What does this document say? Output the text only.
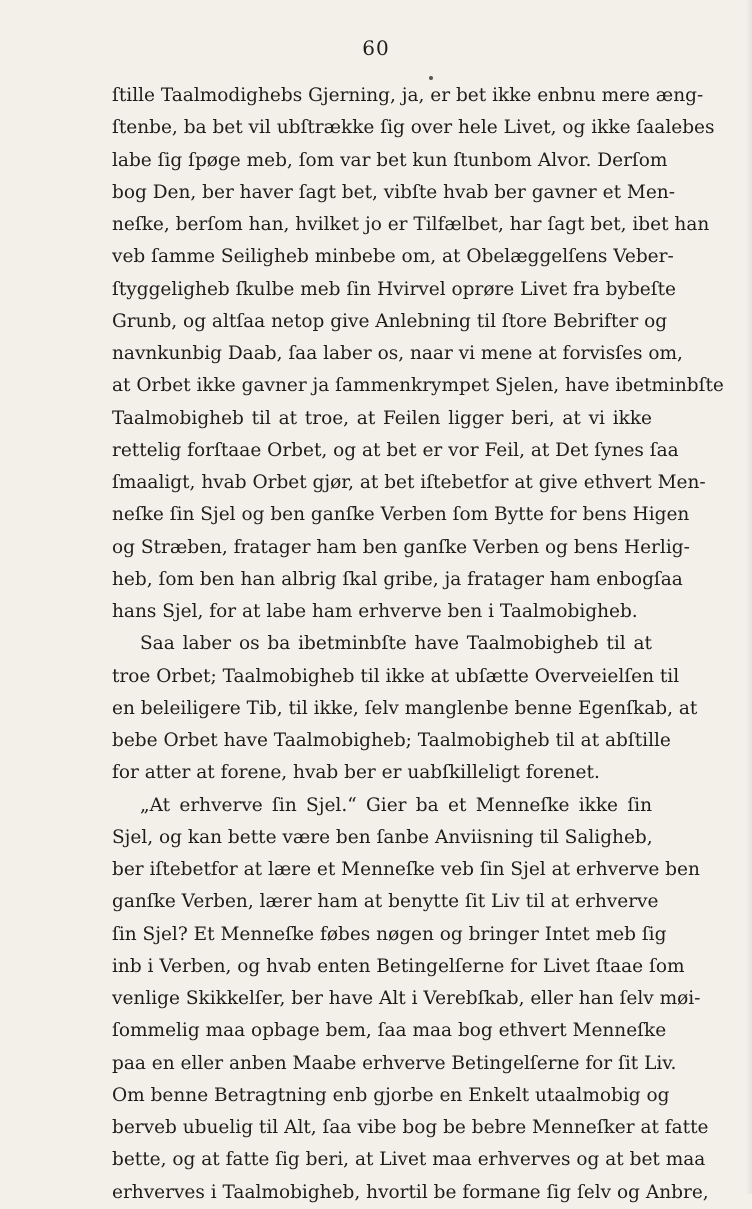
60
ſtille Taalmodighebs Gjerning, ja, er bet ikke enbnu mere æng-
ſtenbe, ba bet vil ubſtrække ſig over hele Livet, og ikke ſaalebes
labe ſig ſpøge meb, ſom var bet kun ſtunbom Alvor. Derſom
bog Den, ber haver ſagt bet, vibſte hvab ber gavner et Men-
neſke, berſom han, hvilket jo er Tilfælbet, har ſagt bet, ibet han
veb ſamme Seilighеb minbebe om, at Obelæggelſens Veber-
ſtyggelighеb ſkulbe meb ſin Hvirvel oprøre Livet fra bybeſte
Grunb, og altſaa netop give Anlebning til ſtore Bebrifter og
navnkunbig Daab, ſaa laber os, naar vi mene at forvisſes om,
at Orbet ikke gavner ja ſammenkrympet Sjelen, have ibetminbſte
Taalmobighеb til at troe, at Feilen ligger beri, at vi ikke
rettelig forſtaae Orbet, og at bet er vor Feil, at Det ſynes ſaa
ſmaaligt, hvab Orbet gjør, at bet iſtebetfor at give ethvert Men-
neſke ſin Sjel og ben ganſke Verben ſom Bytte for bens Higen
og Stræben, fratager ham ben ganſke Verben og bens Herlig-
heb, ſom ben han albrig ſkal gribe, ja fratager ham enbogſaa
hans Sjel, for at labe ham erhverve ben i Taalmobighеb.
Saa laber os ba ibetminbſte have Taalmobighеb til at
troe Orbet; Taalmobighеb til ikke at ubſætte Overveielſen til
en beleiligere Tib, til ikke, ſelv manglenbe benne Egenſkab, at
bebe Orbet have Taalmobighеb; Taalmobighеb til at abſtille
for atter at forene, hvab ber er uabſkilleligt forenet.
„At erhverve ſin Sjel.“ Gier ba et Menneſke ikke ſin
Sjel, og kan bette være ben ſanbe Anviisning til Salighеb,
ber iſtebetfor at lære et Menneſke veb ſin Sjel at erhverve ben
ganſke Verben, lærer ham at benytte ſit Liv til at erhverve
ſin Sjel? Et Menneſke føbes nøgen og bringer Intet meb ſig
inb i Verben, og hvab enten Betingelſerne for Livet ſtaae ſom
venlige Skikkelſer, ber have Alt i Verebſkab, eller han ſelv møi-
ſommelig maa opbage bem, ſaa maa bog ethvert Menneſke
paa en eller anben Maabe erhverve Betingelſerne for ſit Liv.
Om benne Betragtning enb gjorbe en Enkelt utaalmobig og
berveb ubuelig til Alt, ſaa vibe bog be bebre Menneſker at fatte
bette, og at fatte ſig beri, at Livet maa erhverves og at bet maa
erhverves i Taalmobighеb, hvortil be formane ſig ſelv og Anbre,
